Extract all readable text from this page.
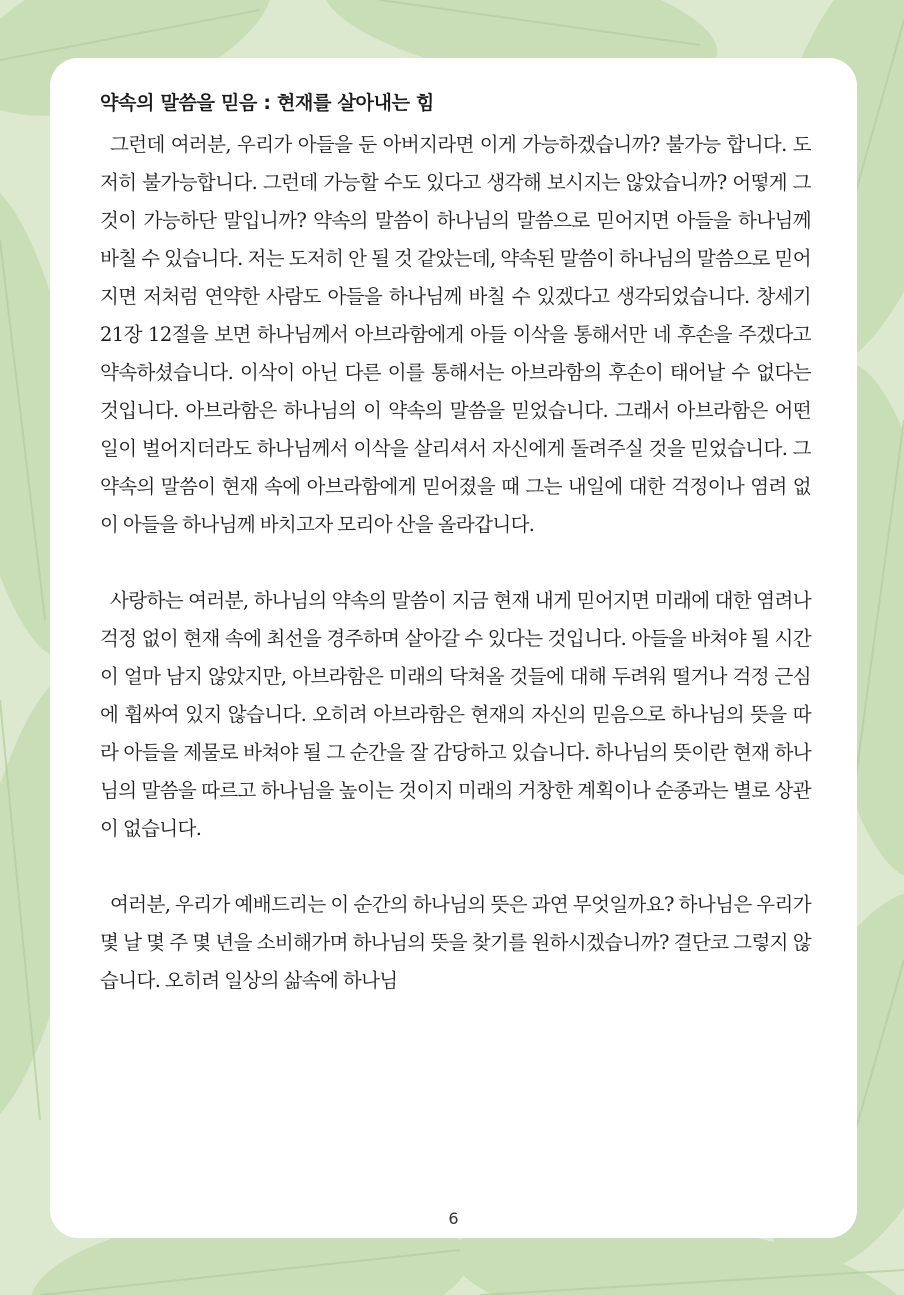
약속의 말씀을 믿음 : 현재를 살아내는 힘

그런데 여러분, 우리가 아들을 둔 아버지라면 이게 가능하겠습니까? 불가능 합니다. 도저히 불가능합니다. 그런데 가능할 수도 있다고 생각해 보시지는 않았습니까? 어떻게 그것이 가능하단 말입니까? 약속의 말씀이 하나님의 말씀으로 믿어지면 아들을 하나님께 바칠 수 있습니다. 저는 도저히 안 될 것 같았는데, 약속된 말씀이 하나님의 말씀으로 믿어지면 저처럼 연약한 사람도 아들을 하나님께 바칠 수 있겠다고 생각되었습니다. 창세기 21장 12절을 보면 하나님께서 아브라함에게 아들 이삭을 통해서만 네 후손을 주겠다고 약속하셨습니다. 이삭이 아닌 다른 이를 통해서는 아브라함의 후손이 태어날 수 없다는 것입니다. 아브라함은 하나님의 이 약속의 말씀을 믿었습니다. 그래서 아브라함은 어떤 일이 벌어지더라도 하나님께서 이삭을 살리셔서 자신에게 돌려주실 것을 믿었습니다. 그 약속의 말씀이 현재 속에 아브라함에게 믿어졌을 때 그는 내일에 대한 걱정이나 염려 없이 아들을 하나님께 바치고자 모리아 산을 올라갑니다.

사랑하는 여러분, 하나님의 약속의 말씀이 지금 현재 내게 믿어지면 미래에 대한 염려나 걱정 없이 현재 속에 최선을 경주하며 살아갈 수 있다는 것입니다. 아들을 바쳐야 될 시간이 얼마 남지 않았지만, 아브라함은 미래의 닥쳐올 것들에 대해 두려워 떨거나 걱정 근심에 휩싸여 있지 않습니다. 오히려 아브라함은 현재의 자신의 믿음으로 하나님의 뜻을 따라 아들을 제물로 바쳐야 될 그 순간을 잘 감당하고 있습니다. 하나님의 뜻이란 현재 하나님의 말씀을 따르고 하나님을 높이는 것이지 미래의 거창한 계획이나 순종과는 별로 상관이 없습니다.

여러분, 우리가 예배드리는 이 순간의 하나님의 뜻은 과연 무엇일까요? 하나님은 우리가 몇 날 몇 주 몇 년을 소비해가며 하나님의 뜻을 찾기를 원하시겠습니까? 결단코 그렇지 않습니다. 오히려 일상의 삶속에 하나님

6
